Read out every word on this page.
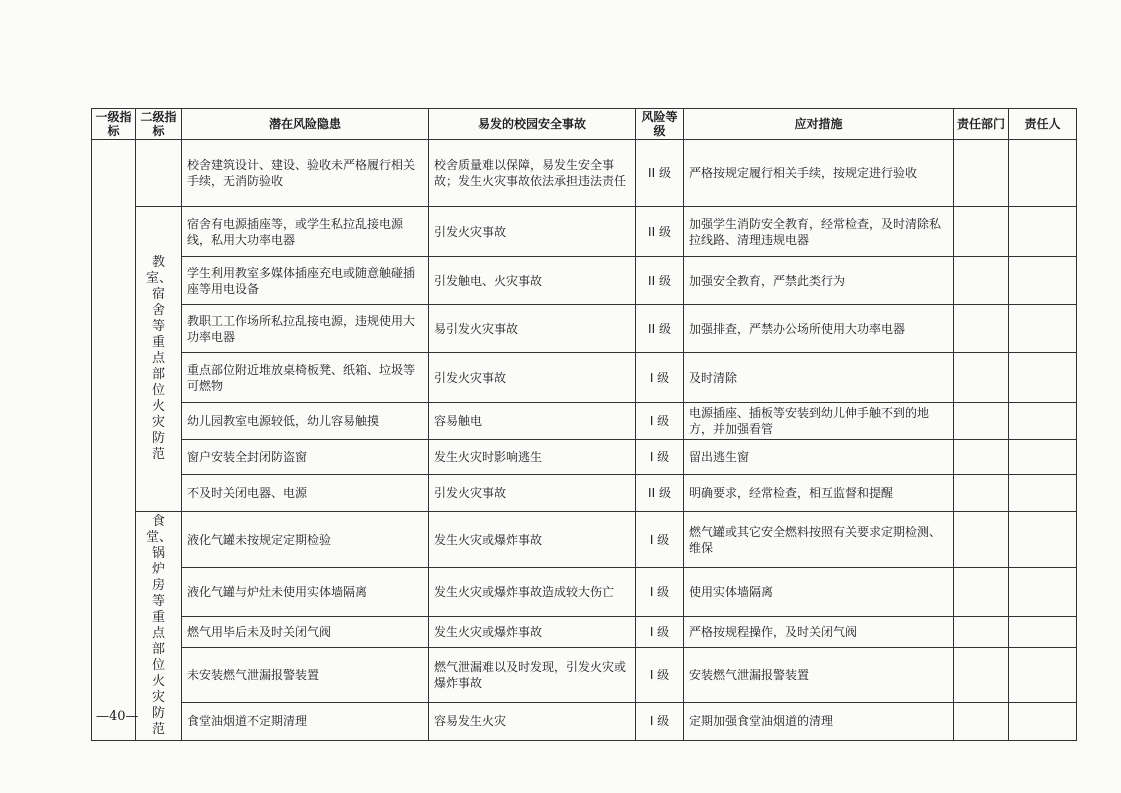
一级指标	二级指标	潜在风险隐患	易发的校园安全事故	风险等级	应对措施	责任部门	责任人
		校舍建筑设计、建设、验收未严格履行相关手续，无消防验收	校舍质量难以保障，易发生安全事故；发生火灾事故依法承担违法责任	II 级	严格按规定履行相关手续，按规定进行验收		
	教室、宿舍等重点部位火灾防范	宿舍有电源插座等，或学生私拉乱接电源线，私用大功率电器	引发火灾事故	II 级	加强学生消防安全教育，经常检查，及时清除私拉线路、清理违规电器		
		学生利用教室多媒体插座充电或随意触碰插座等用电设备	引发触电、火灾事故	II 级	加强安全教育，严禁此类行为		
		教职工工作场所私拉乱接电源，违规使用大功率电器	易引发火灾事故	II 级	加强排查，严禁办公场所使用大功率电器		
		重点部位附近堆放桌椅板凳、纸箱、垃圾等可燃物	引发火灾事故	I 级	及时清除		
		幼儿园教室电源较低，幼儿容易触摸	容易触电	I 级	电源插座、插板等安装到幼儿伸手触不到的地方，并加强看管		
		窗户安装全封闭防盗窗	发生火灾时影响逃生	I 级	留出逃生窗		
		不及时关闭电器、电源	引发火灾事故	II 级	明确要求，经常检查，相互监督和提醒		
	食堂、锅炉房等重点部位火灾防范	液化气罐未按规定定期检验	发生火灾或爆炸事故	I 级	燃气罐或其它安全燃料按照有关要求定期检测、维保		
		液化气罐与炉灶未使用实体墙隔离	发生火灾或爆炸事故造成较大伤亡	I 级	使用实体墙隔离		
		燃气用毕后未及时关闭气阀	发生火灾或爆炸事故	I 级	严格按规程操作，及时关闭气阀		
		未安装燃气泄漏报警装置	燃气泄漏难以及时发现，引发火灾或爆炸事故	I 级	安装燃气泄漏报警装置		
		食堂油烟道不定期清理	容易发生火灾	I 级	定期加强食堂油烟道的清理		
—40—
